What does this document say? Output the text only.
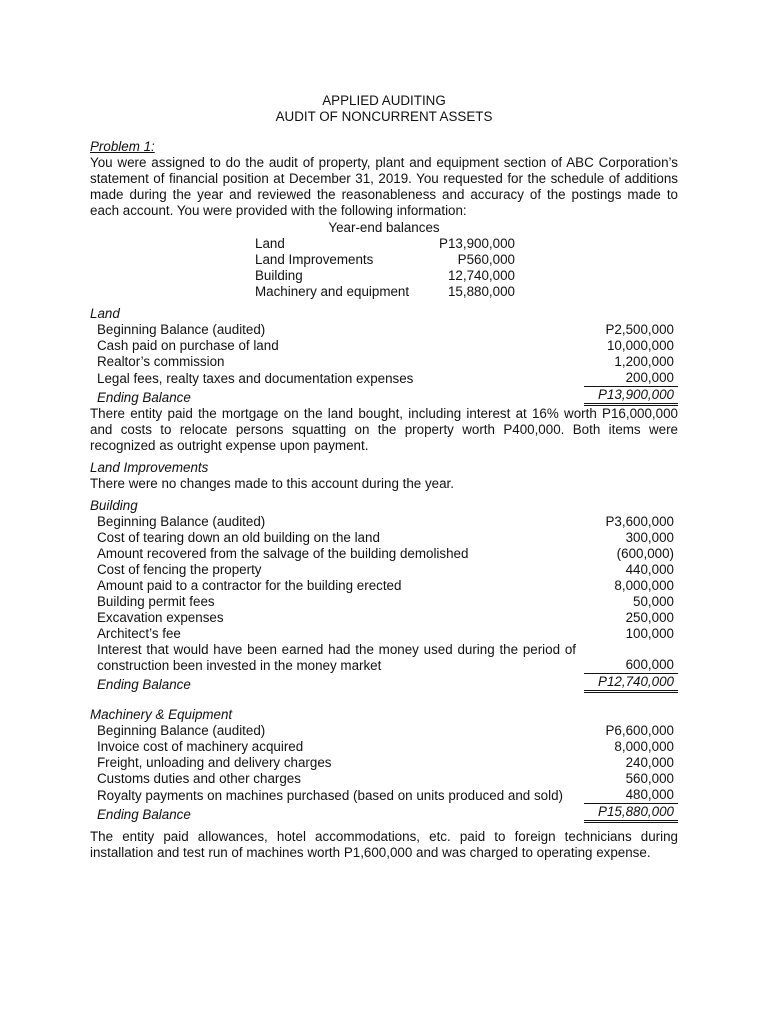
APPLIED AUDITING
AUDIT OF NONCURRENT ASSETS
Problem 1:
You were assigned to do the audit of property, plant and equipment section of ABC Corporation’s statement of financial position at December 31, 2019. You requested for the schedule of additions made during the year and reviewed the reasonableness and accuracy of the postings made to each account. You were provided with the following information:
Year-end balances
Land	P13,900,000
Land Improvements	P560,000
Building	12,740,000
Machinery and equipment	15,880,000
Land
Beginning Balance (audited)	P2,500,000
Cash paid on purchase of land	10,000,000
Realtor’s commission	1,200,000
Legal fees, realty taxes and documentation expenses	200,000
Ending Balance	P13,900,000
There entity paid the mortgage on the land bought, including interest at 16% worth P16,000,000 and costs to relocate persons squatting on the property worth P400,000. Both items were recognized as outright expense upon payment.
Land Improvements
There were no changes made to this account during the year.
Building
Beginning Balance (audited)	P3,600,000
Cost of tearing down an old building on the land	300,000
Amount recovered from the salvage of the building demolished	(600,000)
Cost of fencing the property	440,000
Amount paid to a contractor for the building erected	8,000,000
Building permit fees	50,000
Excavation expenses	250,000
Architect’s fee	100,000
Interest that would have been earned had the money used during the period of construction been invested in the money market	600,000
Ending Balance	P12,740,000
Machinery & Equipment
Beginning Balance (audited)	P6,600,000
Invoice cost of machinery acquired	8,000,000
Freight, unloading and delivery charges	240,000
Customs duties and other charges	560,000
Royalty payments on machines purchased (based on units produced and sold)	480,000
Ending Balance	P15,880,000
The entity paid allowances, hotel accommodations, etc. paid to foreign technicians during installation and test run of machines worth P1,600,000 and was charged to operating expense.
